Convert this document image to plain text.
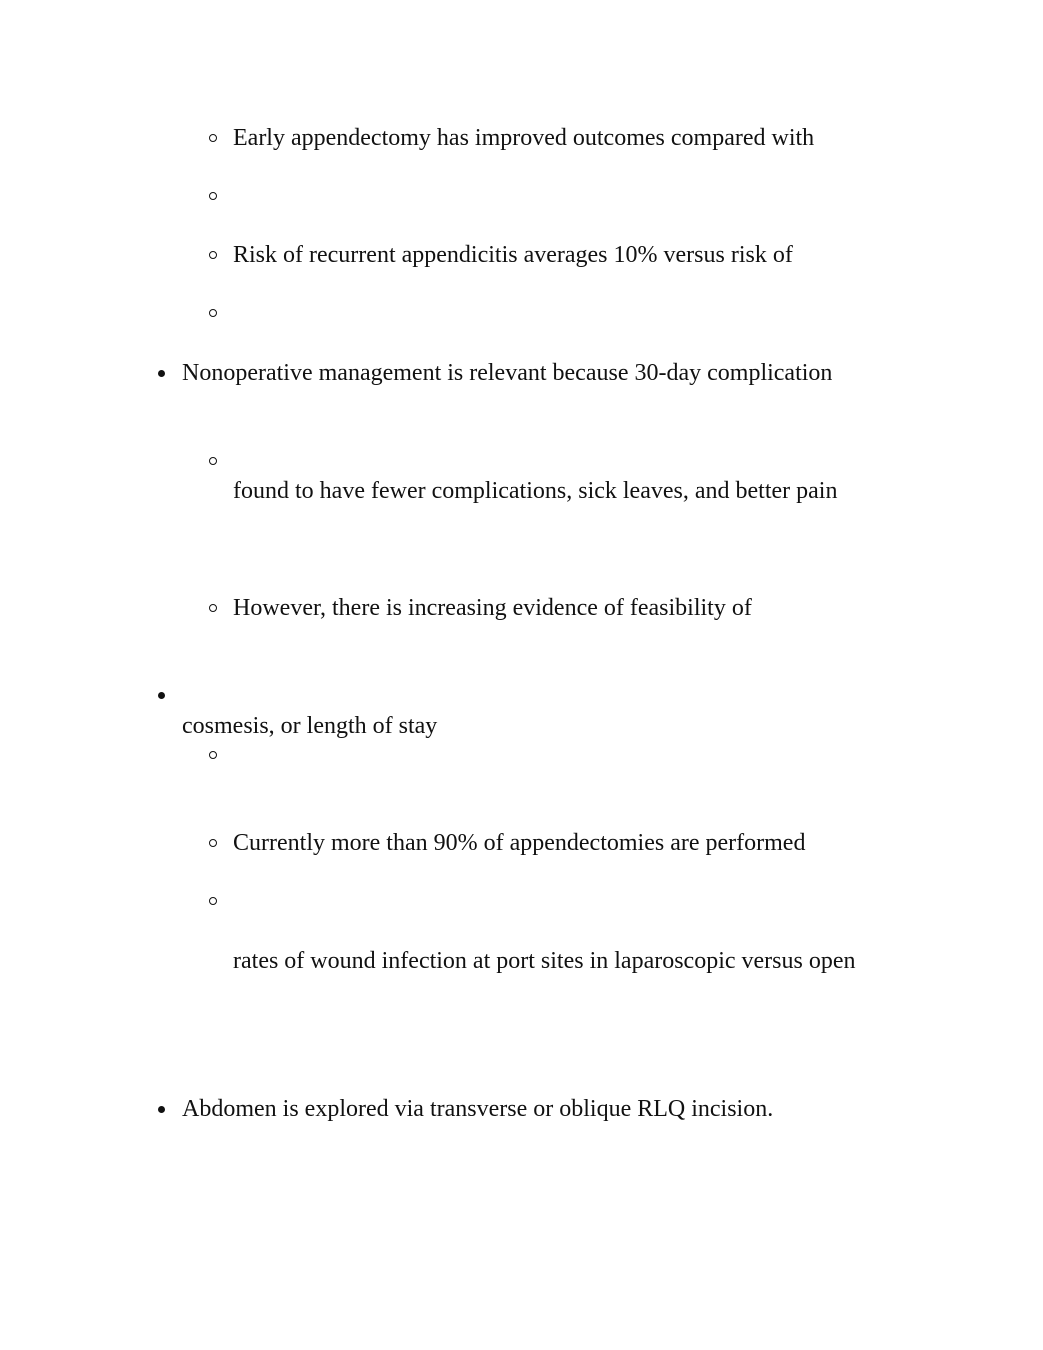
Early appendectomy has improved outcomes compared with
Risk of recurrent appendicitis averages 10% versus risk of
Nonoperative management is relevant because 30-day complication
found to have fewer complications, sick leaves, and better pain
However, there is increasing evidence of feasibility of
cosmesis, or length of stay
Currently more than 90% of appendectomies are performed
rates of wound infection at port sites in laparoscopic versus open
Abdomen is explored via transverse or oblique RLQ incision.
